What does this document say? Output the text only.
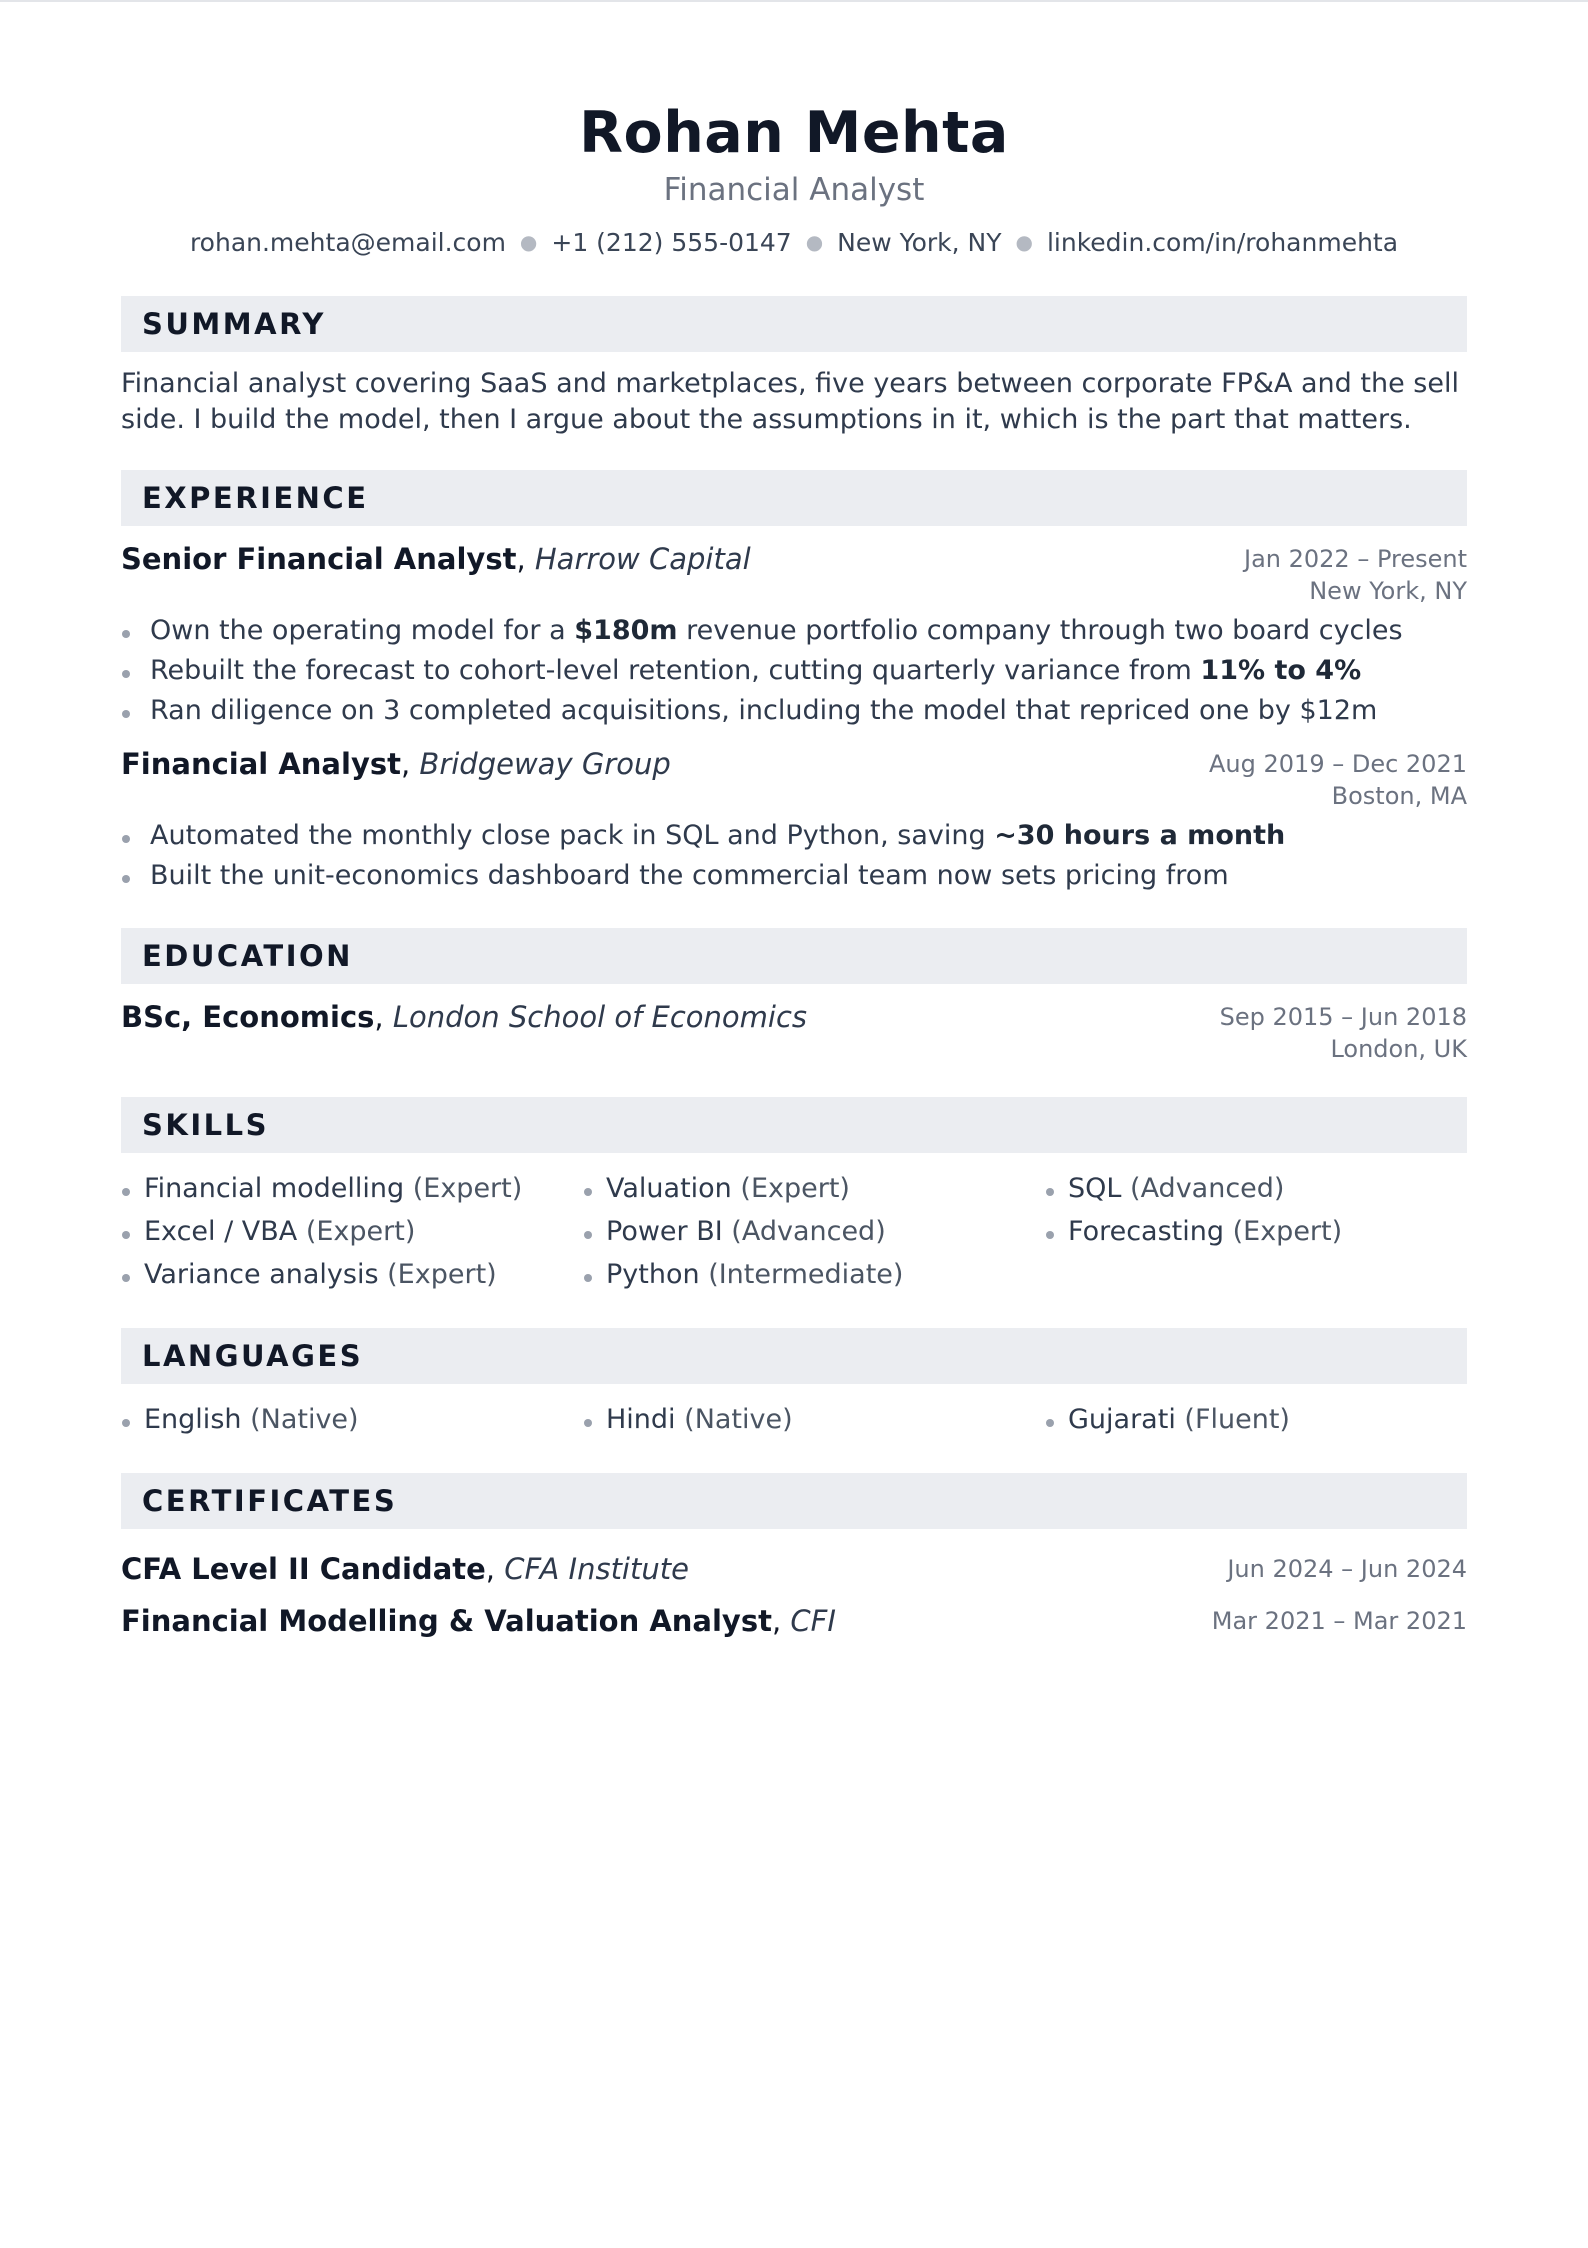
Rohan Mehta
Financial Analyst
rohan.mehta@email.com ● +1 (212) 555-0147 ● New York, NY ● linkedin.com/in/rohanmehta
SUMMARY
Financial analyst covering SaaS and marketplaces, five years between corporate FP&A and the sell side. I build the model, then I argue about the assumptions in it, which is the part that matters.
EXPERIENCE
Senior Financial Analyst, Harrow Capital	Jan 2022 – Present
New York, NY
Own the operating model for a $180m revenue portfolio company through two board cycles
Rebuilt the forecast to cohort-level retention, cutting quarterly variance from 11% to 4%
Ran diligence on 3 completed acquisitions, including the model that repriced one by $12m
Financial Analyst, Bridgeway Group	Aug 2019 – Dec 2021
Boston, MA
Automated the monthly close pack in SQL and Python, saving ~30 hours a month
Built the unit-economics dashboard the commercial team now sets pricing from
EDUCATION
BSc, Economics, London School of Economics	Sep 2015 – Jun 2018
London, UK
SKILLS
Financial modelling (Expert)	Valuation (Expert)	SQL (Advanced)
Excel / VBA (Expert)	Power BI (Advanced)	Forecasting (Expert)
Variance analysis (Expert)	Python (Intermediate)
LANGUAGES
English (Native)	Hindi (Native)	Gujarati (Fluent)
CERTIFICATES
CFA Level II Candidate, CFA Institute	Jun 2024 – Jun 2024
Financial Modelling & Valuation Analyst, CFI	Mar 2021 – Mar 2021
